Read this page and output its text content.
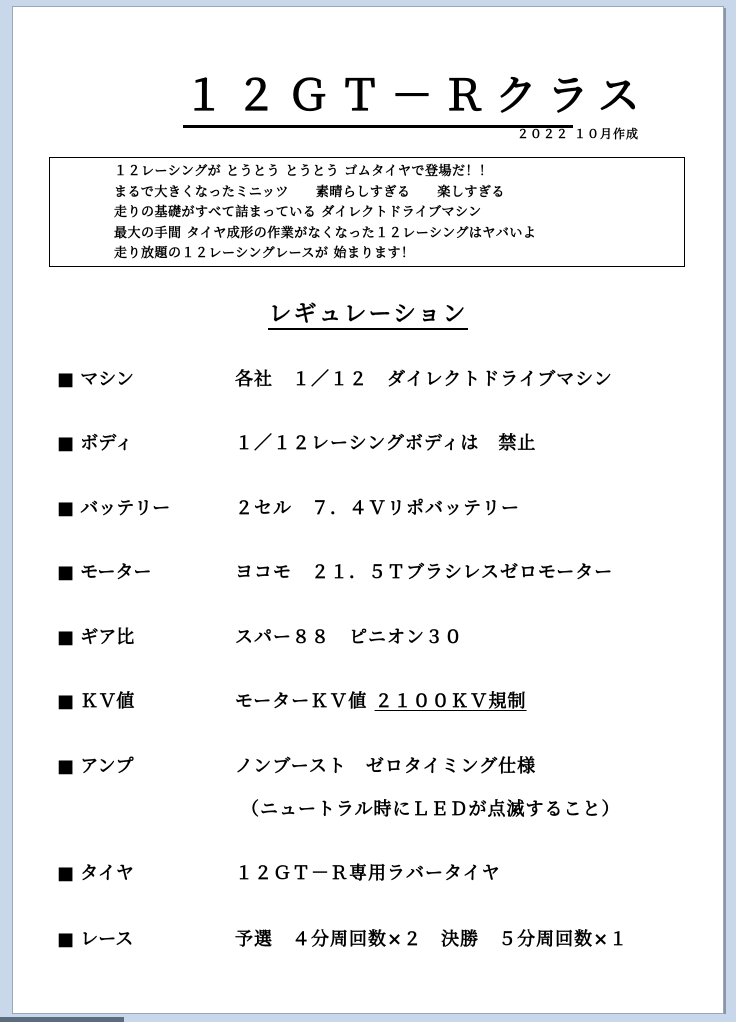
１２ＧＴ－Ｒクラス
２０２２ １０月作成
１２レーシングが とうとう とうとう ゴムタイヤで登場だ！！
まるで大きくなったミニッツ　　素晴らしすぎる　　楽しすぎる
走りの基礎がすべて詰まっている ダイレクトドライブマシン
最大の手間 タイヤ成形の作業がなくなった１２レーシングはヤバいよ
走り放題の１２レーシングレースが 始まります！
レギュレーション
■ マシン	各社　１／１２　ダイレクトドライブマシン
■ ボディ	１／１２レーシングボディは　禁止
■ バッテリー	２セル　７．４Ｖリポバッテリー
■ モーター	ヨコモ　２１．５Ｔブラシレスゼロモーター
■ ギア比	スパー８８　ピニオン３０
■ ＫＶ値	モーターＫＶ値 ２１００ＫＶ規制
■ アンプ	ノンブースト　ゼロタイミング仕様
（ニュートラル時にＬＥＤが点滅すること）
■ タイヤ	１２ＧＴ－Ｒ専用ラバータイヤ
■ レース	予選　４分周回数×２　決勝　５分周回数×１
